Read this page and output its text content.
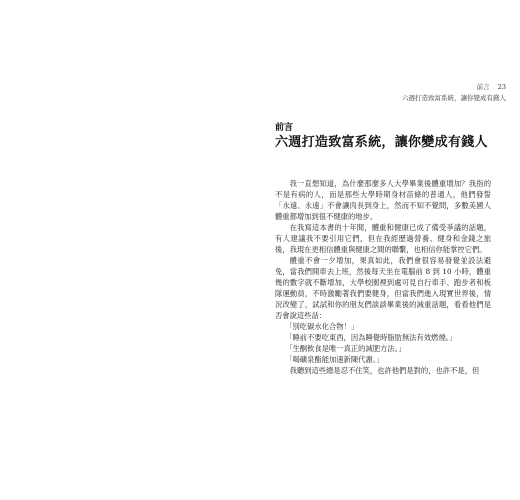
前言 23
六週打造致富系統，讓你變成有錢人
前言
六週打造致富系統，讓你變成有錢人

我一直想知道，為什麼那麼多人大學畢業後體重增加？我指的不是有病的人，而是那些大學時期身材苗條的普通人，他們發誓「永遠、永遠」不會讓肉長到身上，然而不知不覺問，多數美國人體重都增加到很不健康的地步。

在我寫這本書的十年間，體重和健康已成了備受爭議的話題，有人建議我不要引用它們，但在我經歷過營養、健身和金錢之旅後，我現在更相信體重與健康之間的聯繫，也相信你能掌控它們。

體重不會一夕增加，果真如此，我們會很容易發覺並設法避免，當我們開車去上班，然後每天坐在電腦前 8 到 10 小時，體重幾的數字就不斷增加，大學校園裡到處可見自行車手、跑步者和板隊運動員，不時激勵著我們要健身，但當我們進入現實世界後，情況改變了，試試和你的朋友們談談畢業後的減重話題，看看他們是否會說這些話：

「別吃碳水化合物！」

「睡前不要吃東西，因為睡覺時脂肪無法有效燃燒。」

「生酮飲食是唯一真正的減肥方法。」

「喝礦泉酯能加速新陳代謝。」

我聽到這些總是忍不住笑，也許他們是對的，也許不是，但
